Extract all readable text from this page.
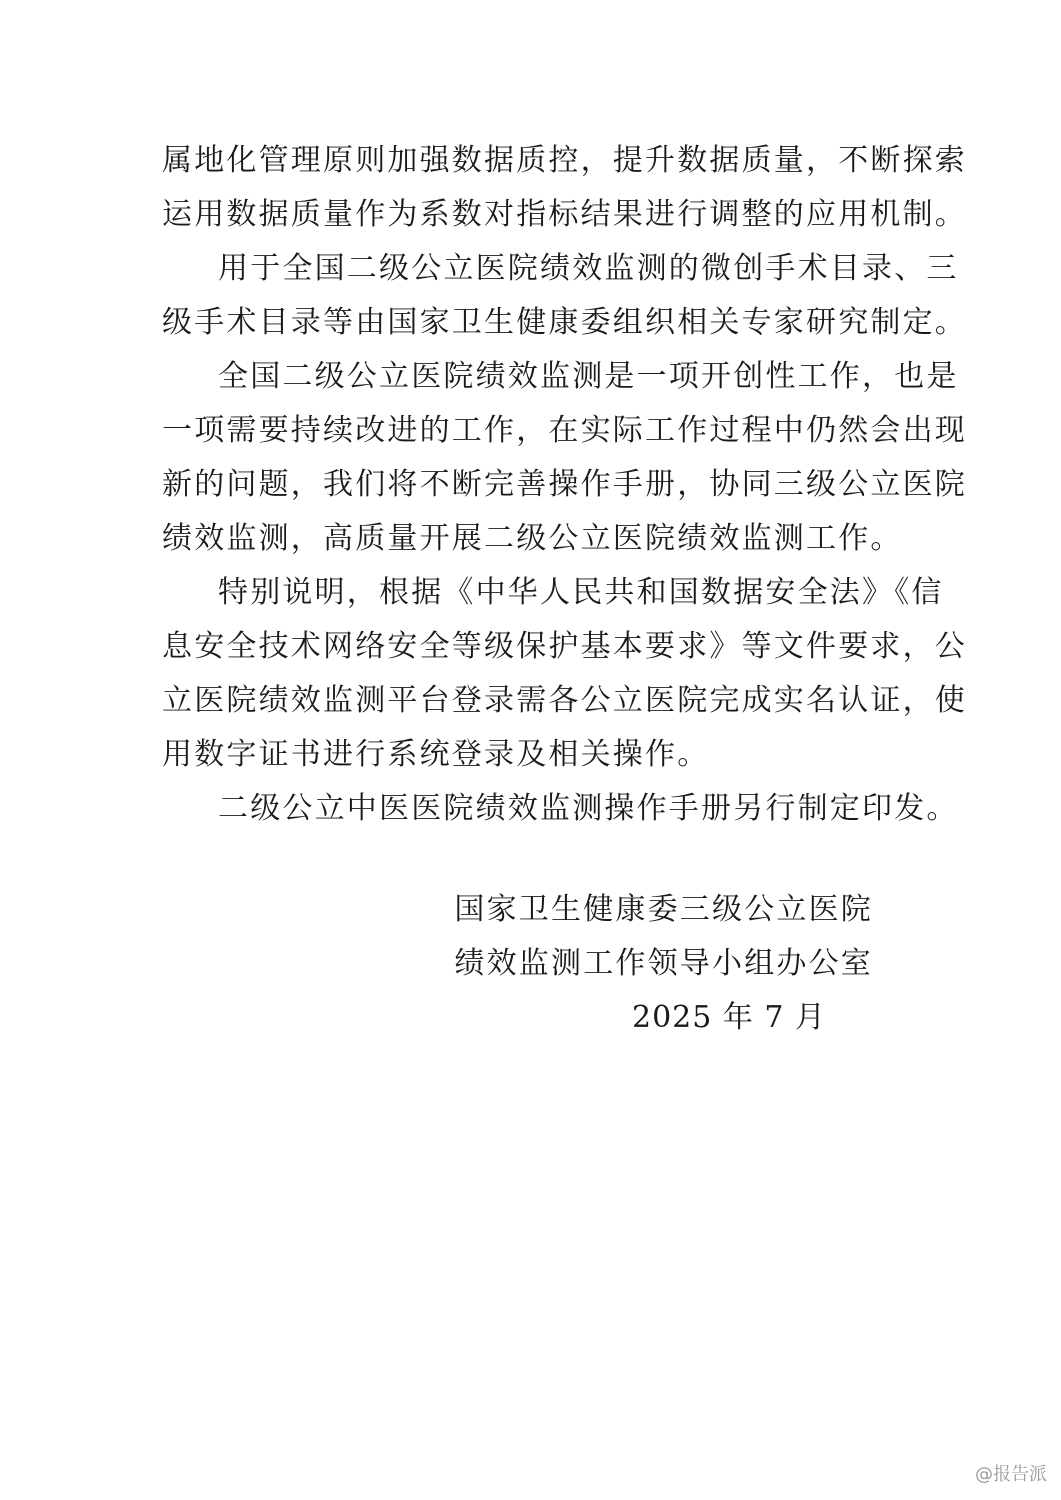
属地化管理原则加强数据质控，提升数据质量，不断探索
运用数据质量作为系数对指标结果进行调整的应用机制。
用于全国二级公立医院绩效监测的微创手术目录、三
级手术目录等由国家卫生健康委组织相关专家研究制定。
全国二级公立医院绩效监测是一项开创性工作，也是
一项需要持续改进的工作，在实际工作过程中仍然会出现
新的问题，我们将不断完善操作手册，协同三级公立医院
绩效监测，高质量开展二级公立医院绩效监测工作。
特别说明，根据《中华人民共和国数据安全法》《信
息安全技术网络安全等级保护基本要求》等文件要求，公
立医院绩效监测平台登录需各公立医院完成实名认证，使
用数字证书进行系统登录及相关操作。
二级公立中医医院绩效监测操作手册另行制定印发。
国家卫生健康委三级公立医院
绩效监测工作领导小组办公室
2025 年 7 月
@报告派
